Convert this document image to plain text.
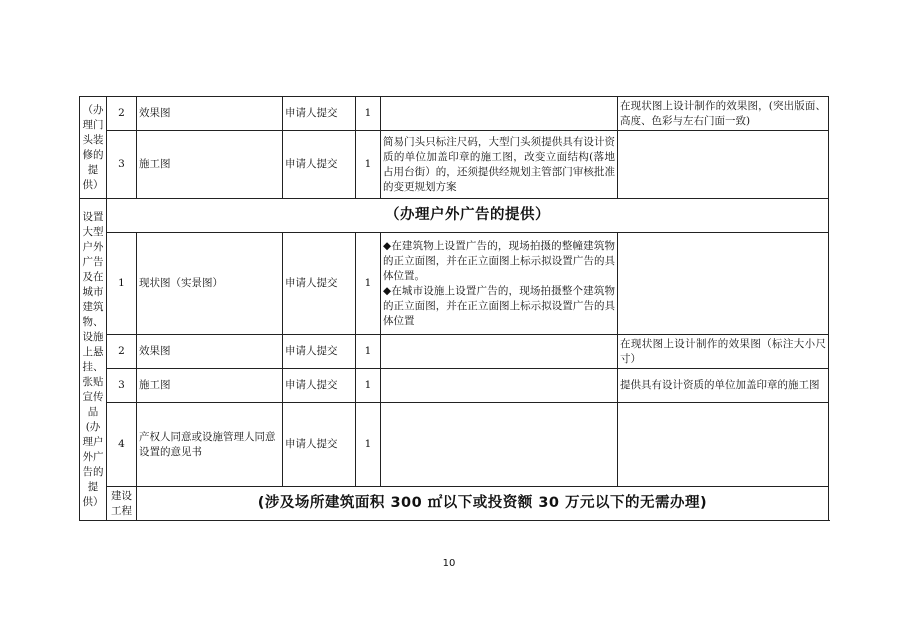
（办理门头装修的提供）	2	效果图	申请人提交	1		在现状图上设计制作的效果图，(突出版面、高度、色彩与左右门面一致)
	3	施工图	申请人提交	1	简易门头只标注尺码，大型门头须提供具有设计资质的单位加盖印章的施工图，改变立面结构(落地占用台街）的，还须提供经规划主管部门审核批准的变更规划方案	

设置大型户外广告及在城市建筑物、设施上悬挂、张贴宣传品(办理户外广告的提供）	（办理户外广告的提供）					
	1	现状图（实景图）	申请人提交	1	◆在建筑物上设置广告的，现场拍摄的整幢建筑物的正立面图，并在正立面图上标示拟设置广告的具体位置。
◆在城市设施上设置广告的，现场拍摄整个建筑物的正立面图，并在正立面图上标示拟设置广告的具体位置	

	2	效果图	申请人提交	1		在现状图上设计制作的效果图（标注大小尺寸）
	3	施工图	申请人提交	1		提供具有设计资质的单位加盖印章的施工图
	4	产权人同意或设施管理人同意设置的意见书	申请人提交	1		

	建设工程	(涉及场所建筑面积 300 ㎡以下或投资额 30 万元以下的无需办理)				
10
